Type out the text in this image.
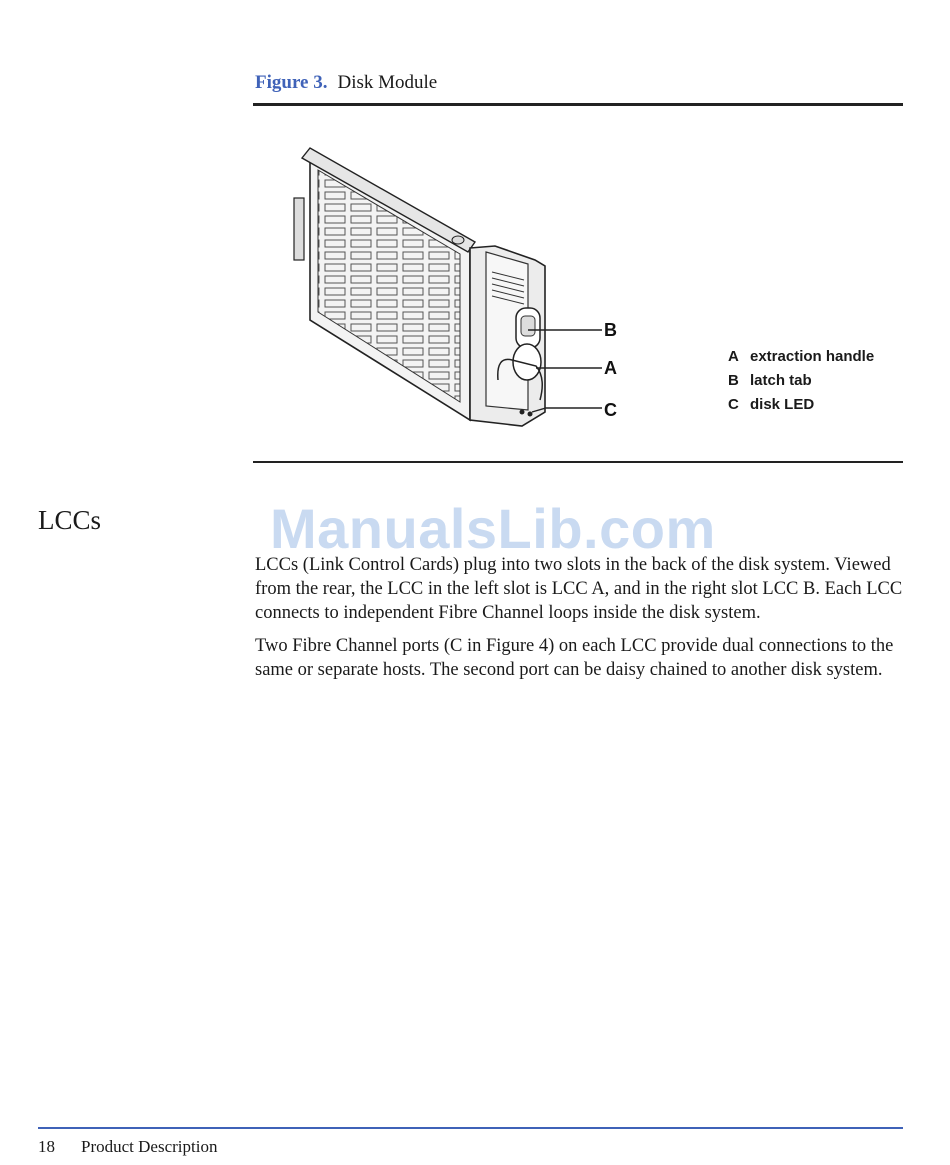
Figure 3. Disk Module
B
A
C
A extraction handle
B latch tab
C disk LED
LCCs	ManualsLib.com

LCCs (Link Control Cards) plug into two slots in the back of the disk system. Viewed from the rear, the LCC in the left slot is LCC A, and in the right slot LCC B. Each LCC connects to independent Fibre Channel loops inside the disk system.

Two Fibre Channel ports (C in Figure 4) on each LCC provide dual connections to the same or separate hosts. The second port can be daisy chained to another disk system.

18 Product Description
